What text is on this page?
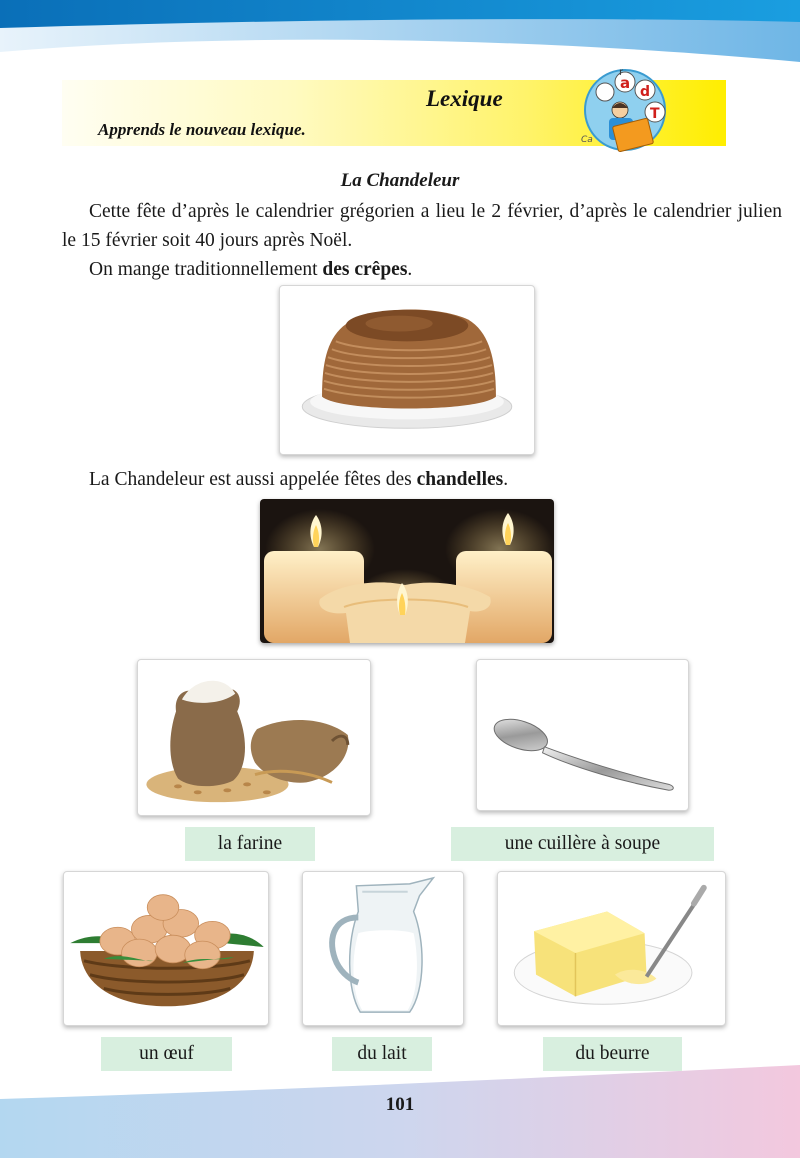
Lexique
Apprends le nouveau lexique.
r
a d
T
Ca
La Chandeleur
Cette fête d’après le calendrier grégorien a lieu le 2 février, d’après le calendrier julien le 15 février soit 40 jours après Noël.
On mange traditionnellement des crêpes.
La Chandeleur est aussi appelée fêtes des chandelles.
la farine	une cuillère à soupe
un œuf	du lait	du beurre
101
